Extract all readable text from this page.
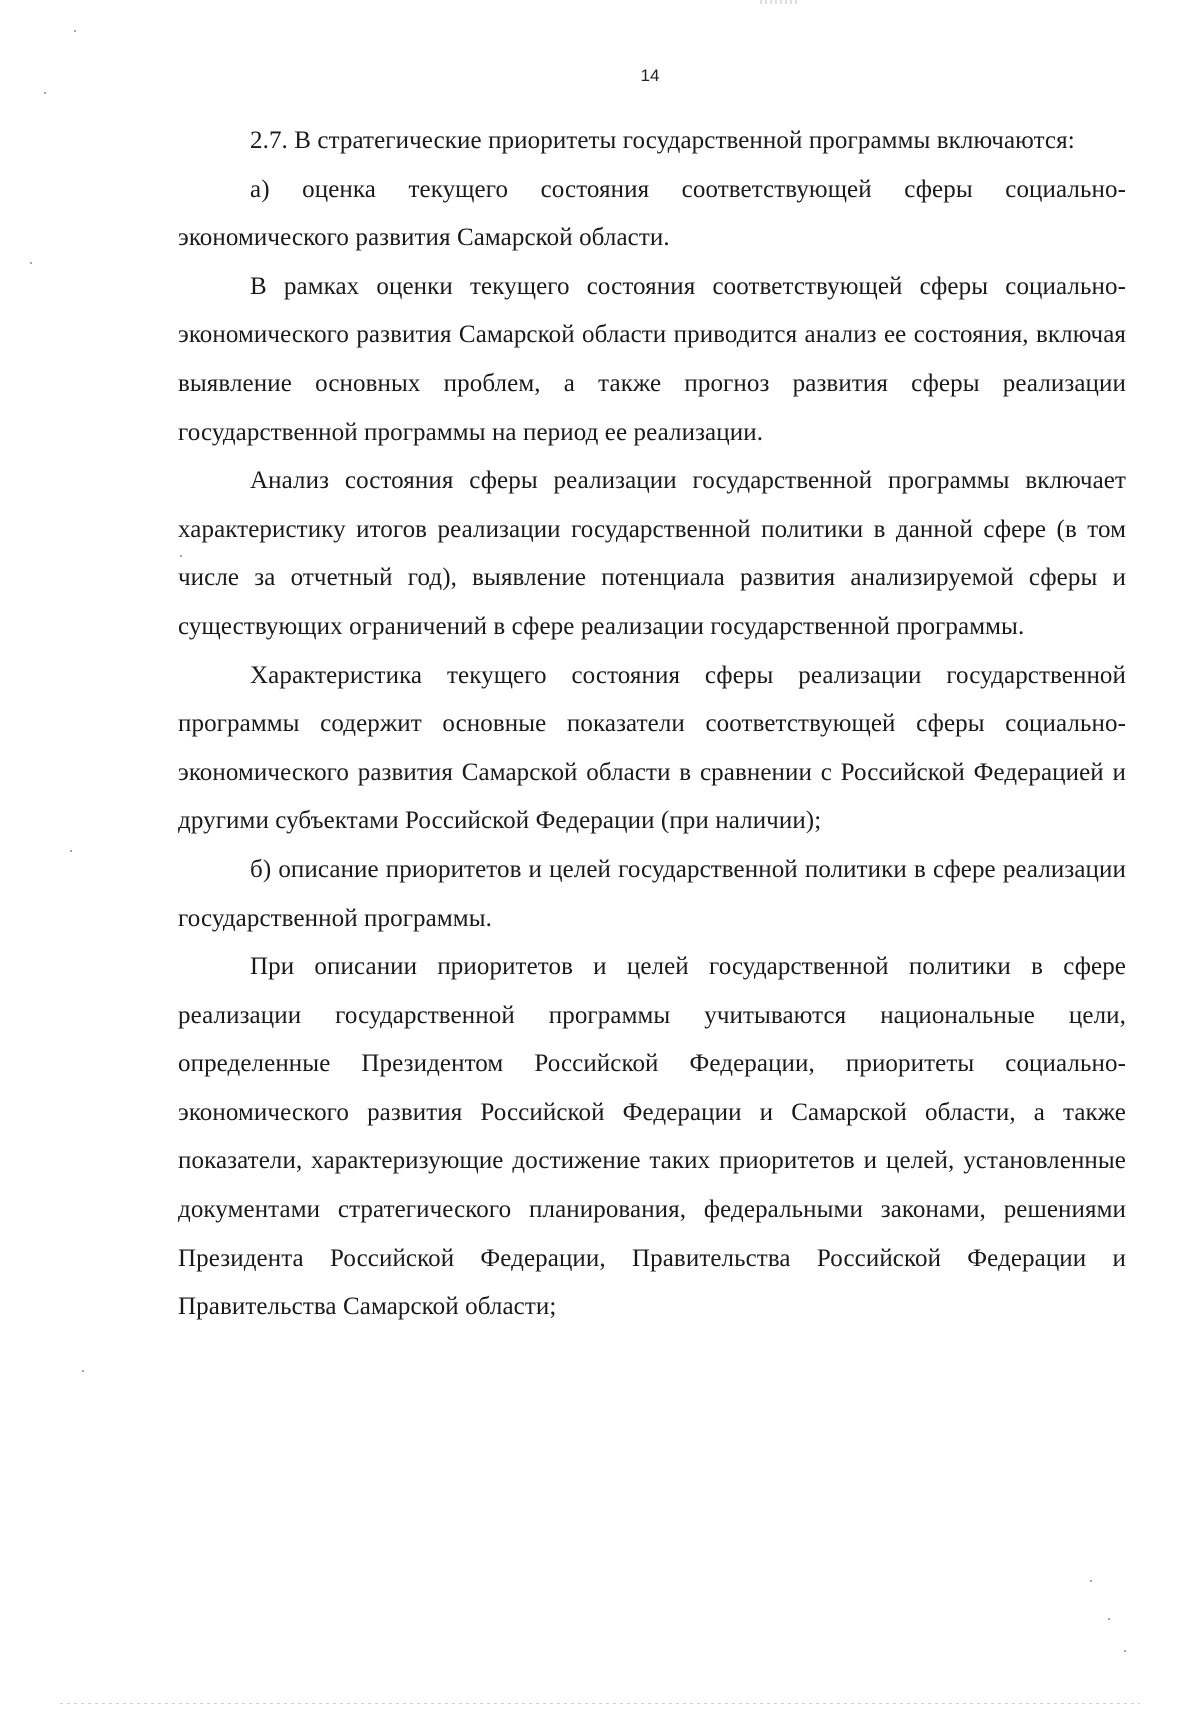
14

2.7. В стратегические приоритеты государственной программы включаются:

а) оценка текущего состояния соответствующей сферы социально-экономического развития Самарской области.

В рамках оценки текущего состояния соответствующей сферы социально-экономического развития Самарской области приводится анализ ее состояния, включая выявление основных проблем, а также прогноз развития сферы реализации государственной программы на период ее реализации.

Анализ состояния сферы реализации государственной программы включает характеристику итогов реализации государственной политики в данной сфере (в том числе за отчетный год), выявление потенциала развития анализируемой сферы и существующих ограничений в сфере реализации государственной программы.

Характеристика текущего состояния сферы реализации государственной программы содержит основные показатели соответствующей сферы социально-экономического развития Самарской области в сравнении с Российской Федерацией и другими субъектами Российской Федерации (при наличии);

б) описание приоритетов и целей государственной политики в сфере реализации государственной программы.

При описании приоритетов и целей государственной политики в сфере реализации государственной программы учитываются национальные цели, определенные Президентом Российской Федерации, приоритеты социально-экономического развития Российской Федерации и Самарской области, а также показатели, характеризующие достижение таких приоритетов и целей, установленные документами стратегического планирования, федеральными законами, решениями Президента Российской Федерации, Правительства Российской Федерации и Правительства Самарской области;
